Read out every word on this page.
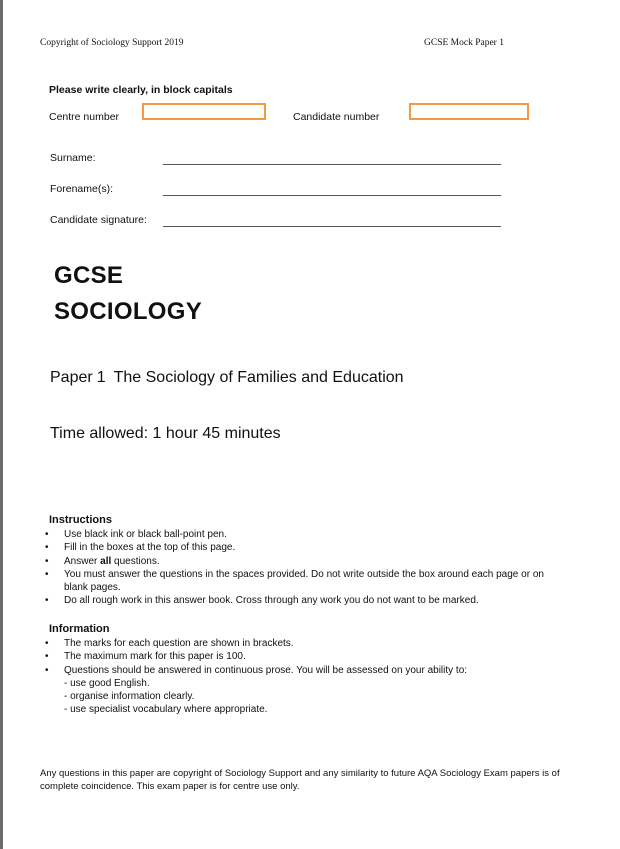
Copyright of Sociology Support 2019	GCSE Mock Paper 1
Please write clearly, in block capitals
Centre number	Candidate number
Surname:
Forename(s):
Candidate signature:
GCSE
SOCIOLOGY
Paper 1 The Sociology of Families and Education
Time allowed: 1 hour 45 minutes
Instructions
• Use black ink or black ball-point pen.
• Fill in the boxes at the top of this page.
• Answer all questions.
• You must answer the questions in the spaces provided. Do not write outside the box around each page or on blank pages.
• Do all rough work in this answer book. Cross through any work you do not want to be marked.
Information
• The marks for each question are shown in brackets.
• The maximum mark for this paper is 100.
• Questions should be answered in continuous prose. You will be assessed on your ability to:
- use good English.
- organise information clearly.
- use specialist vocabulary where appropriate.
Any questions in this paper are copyright of Sociology Support and any similarity to future AQA Sociology Exam papers is of complete coincidence. This exam paper is for centre use only.
